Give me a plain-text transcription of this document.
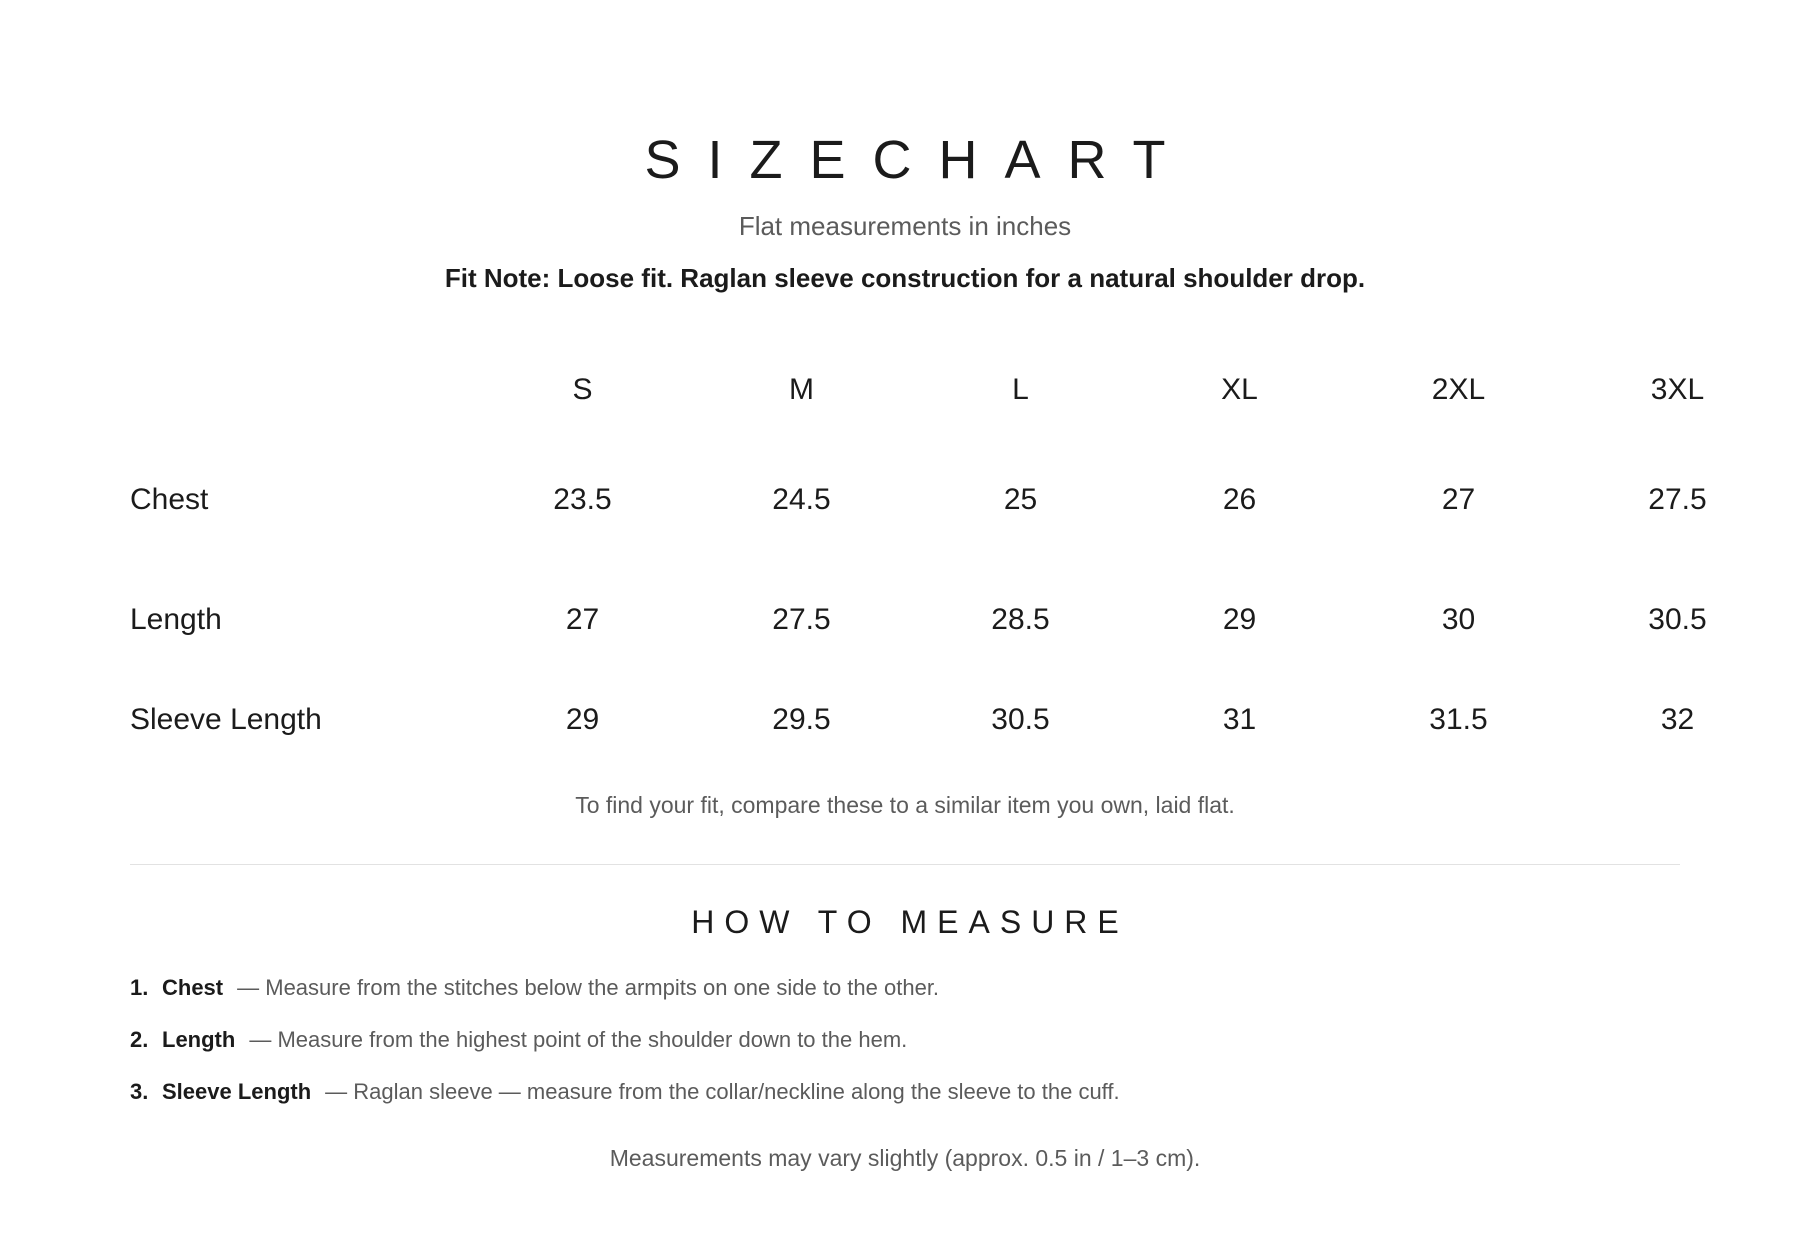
SIZECHART
Flat measurements in inches
Fit Note: Loose fit. Raglan sleeve construction for a natural shoulder drop.
	S	M	L	XL	2XL	3XL
Chest	23.5	24.5	25	26	27	27.5
Length	27	27.5	28.5	29	30	30.5
Sleeve Length	29	29.5	30.5	31	31.5	32
To find your fit, compare these to a similar item you own, laid flat.
HOW TO MEASURE
1. Chest — Measure from the stitches below the armpits on one side to the other.
2. Length — Measure from the highest point of the shoulder down to the hem.
3. Sleeve Length — Raglan sleeve — measure from the collar/neckline along the sleeve to the cuff.
Measurements may vary slightly (approx. 0.5 in / 1–3 cm).
